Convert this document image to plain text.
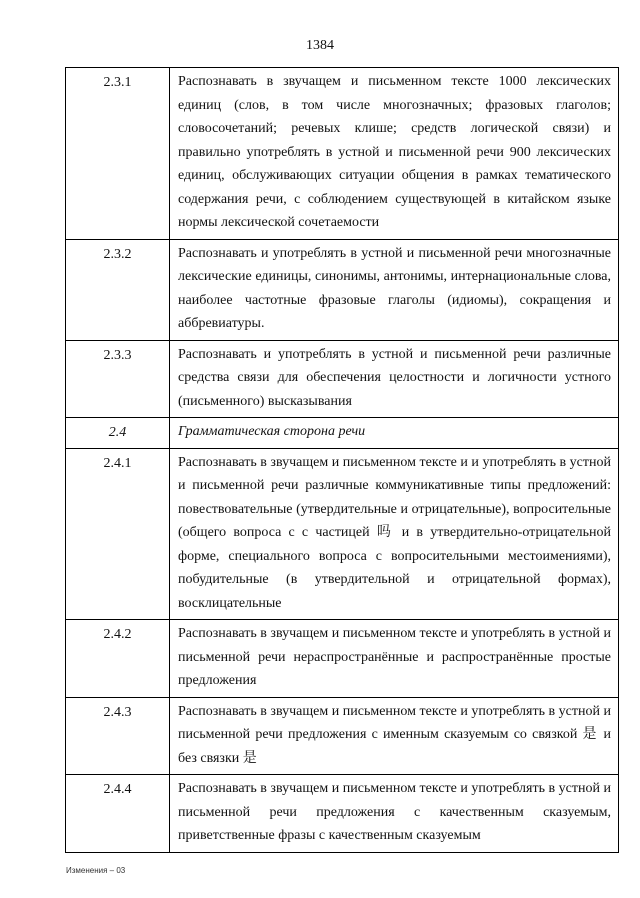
1384
2.3.1	Распознавать в звучащем и письменном тексте 1000 лексических единиц (слов, в том числе многозначных; фразовых глаголов; словосочетаний; речевых клише; средств логической связи) и правильно употреблять в устной и письменной речи 900 лексических единиц, обслуживающих ситуации общения в рамках тематического содержания речи, с соблюдением существующей в китайском языке нормы лексической сочетаемости
2.3.2	Распознавать и употреблять в устной и письменной речи многозначные лексические единицы, синонимы, антонимы, интернациональные слова, наиболее частотные фразовые глаголы (идиомы), сокращения и аббревиатуры.
2.3.3	Распознавать и употреблять в устной и письменной речи различные средства связи для обеспечения целостности и логичности устного (письменного) высказывания
2.4	Грамматическая сторона речи
2.4.1	Распознавать в звучащем и письменном тексте и и употреблять в устной и письменной речи различные коммуникативные типы предложений: повествовательные (утвердительные и отрицательные), вопросительные (общего вопроса с с частицей 吗 и в утвердительно-отрицательной форме, специального вопроса с вопросительными местоимениями), побудительные (в утвердительной и отрицательной формах), восклицательные
2.4.2	Распознавать в звучащем и письменном тексте и употреблять в устной и письменной речи нераспространённые и распространённые простые предложения
2.4.3	Распознавать в звучащем и письменном тексте и употреблять в устной и письменной речи предложения с именным сказуемым со связкой 是 и без связки 是
2.4.4	Распознавать в звучащем и письменном тексте и употреблять в устной и письменной речи предложения с качественным сказуемым, приветственные фразы с качественным сказуемым
Изменения – 03
